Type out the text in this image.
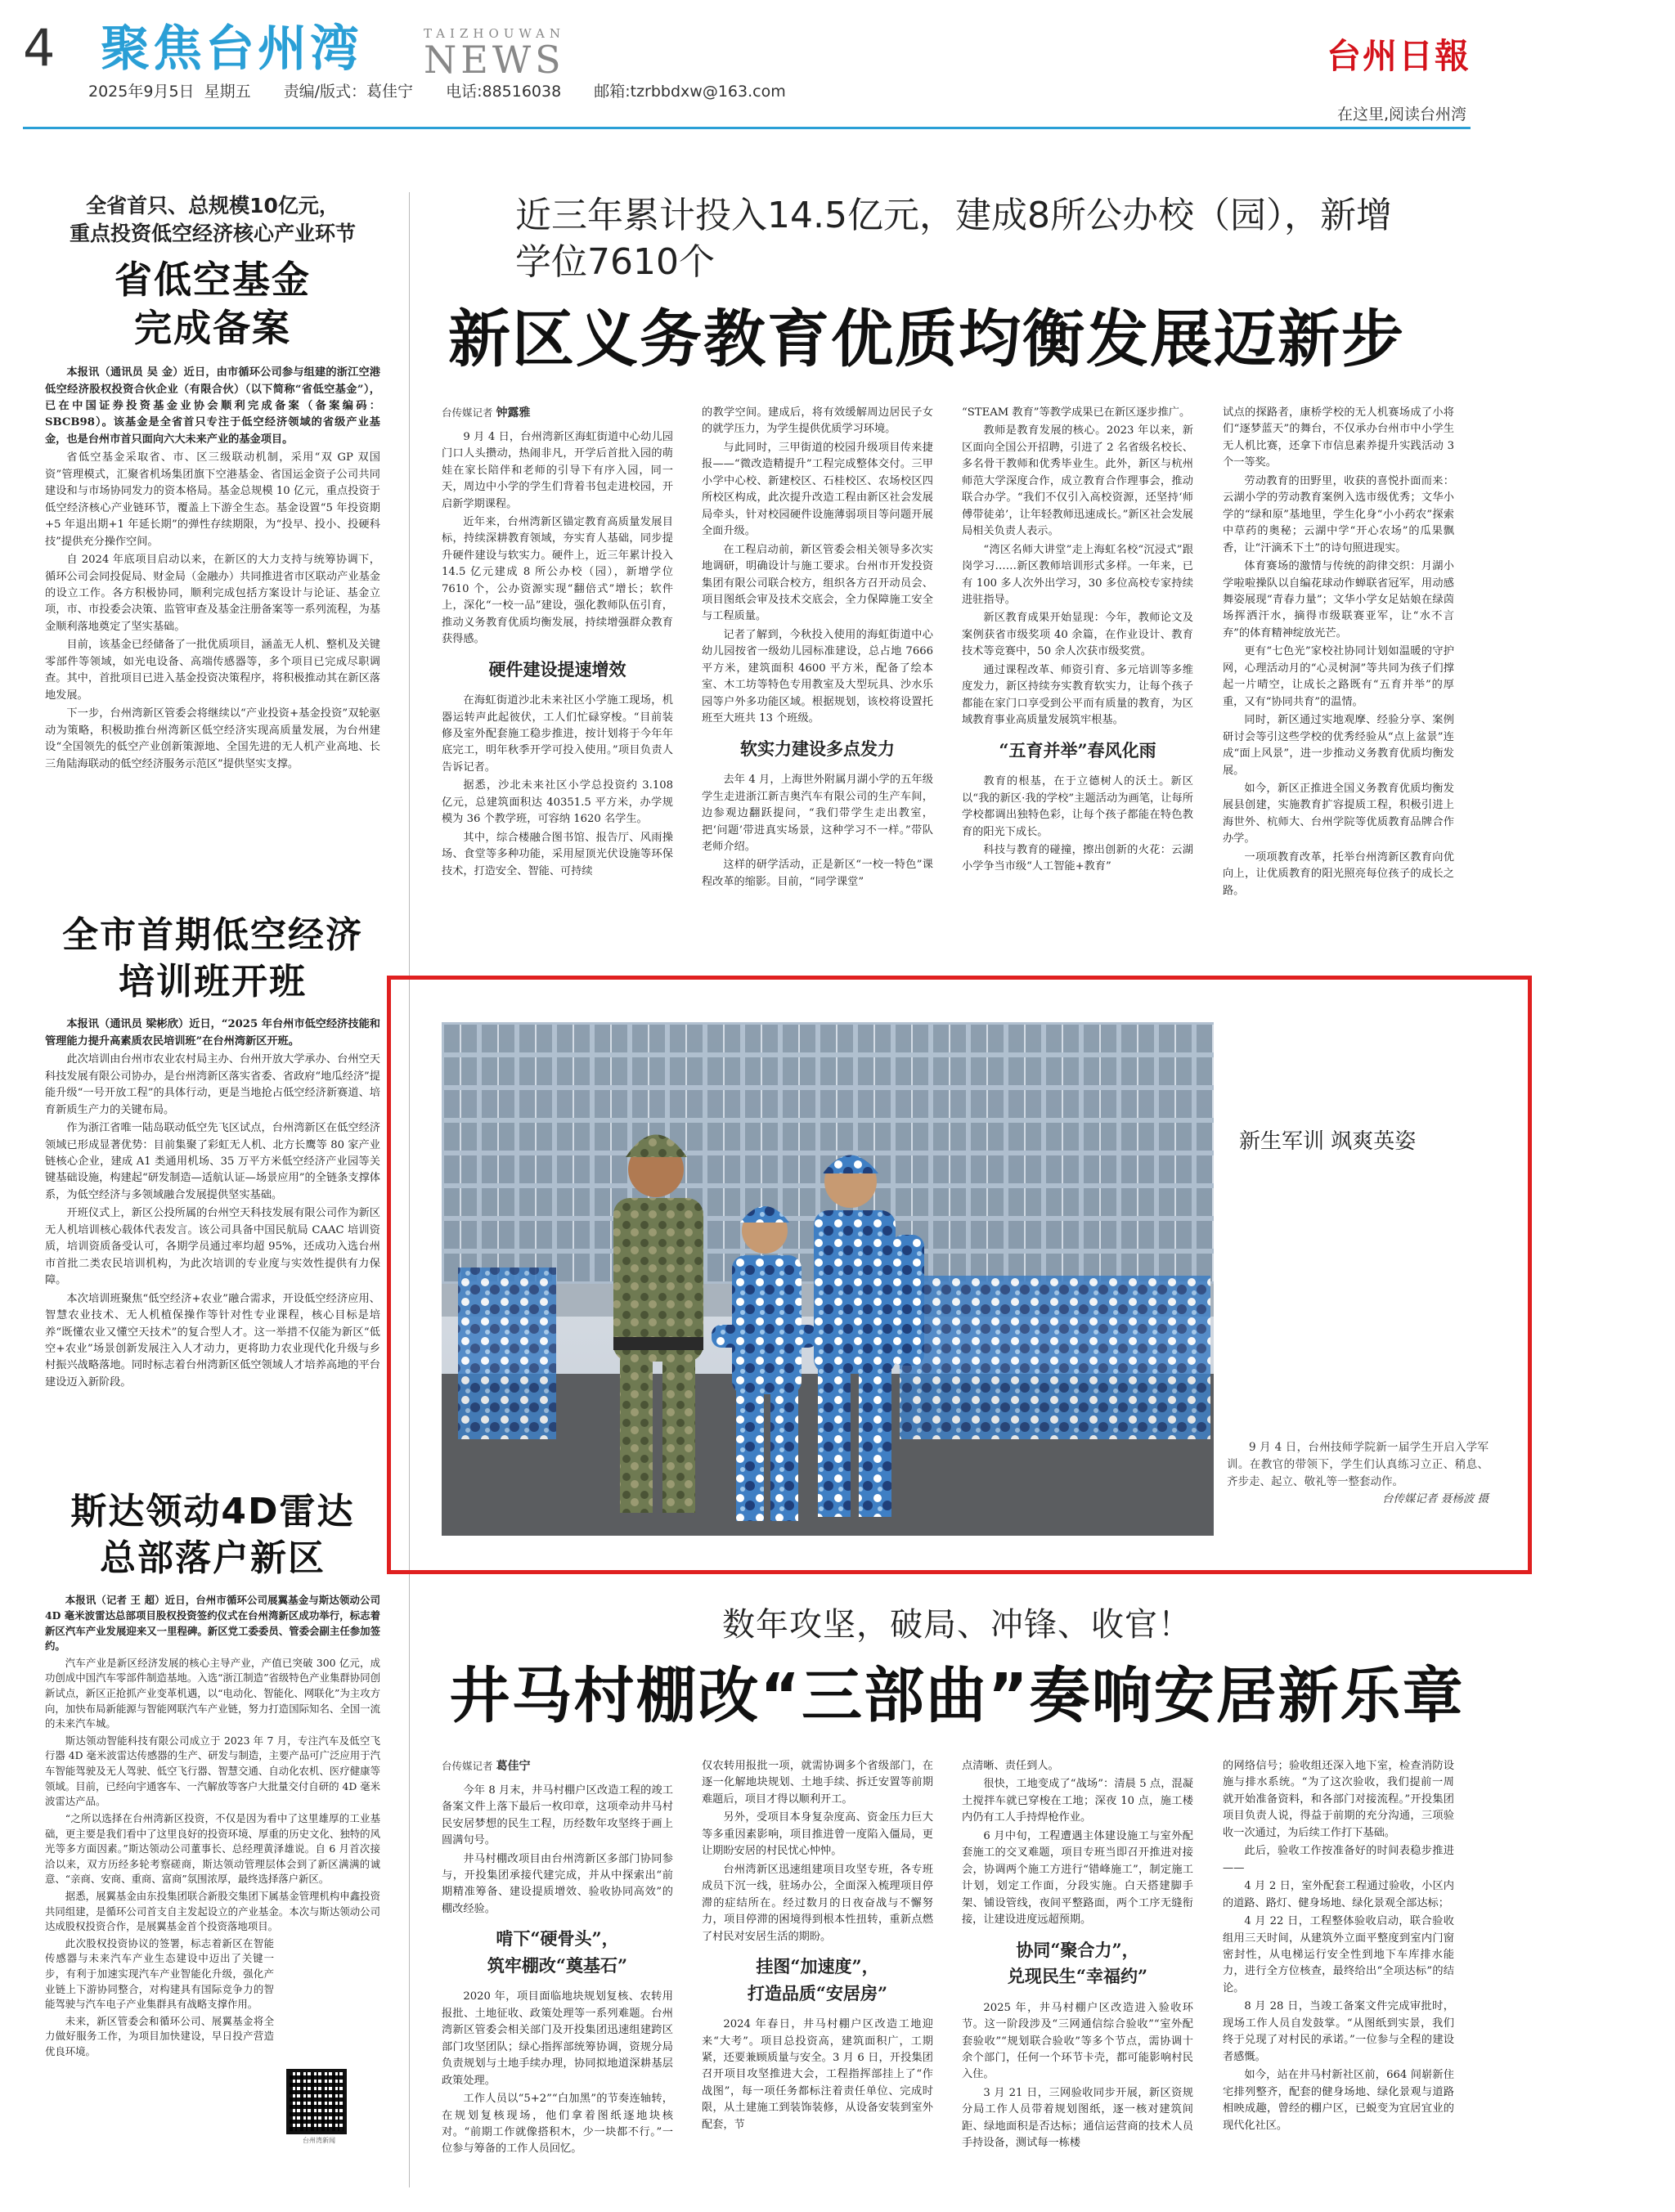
4 聚焦台州湾	TAIZHOUWAN
NEWS	台州日報
2025年9月5日 星期五 责编/版式：葛佳宁 电话:88516038 邮箱:tzrbbdxw@163.com
在这里,阅读台州湾
全省首只、总规模10亿元，
重点投资低空经济核心产业环节
省低空基金
完成备案

本报讯（通讯员 吴 金）近日，由市循环公司参与组建的浙江空港低空经济股权投资合伙企业（有限合伙）（以下简称“省低空基金”），已在中国证券投资基金业协会顺利完成备案（备案编码：SBCB98）。该基金是全省首只专注于低空经济领域的省级产业基金，也是台州市首只面向六大未来产业的基金项目。

省低空基金采取省、市、区三级联动机制，采用“双 GP 双国资”管理模式，汇聚省机场集团旗下空港基金、省国运金资子公司共同建设和与市场协同发力的资本格局。基金总规模 10 亿元，重点投资于低空经济核心产业链环节，覆盖上下游全生态。基金设置“5 年投资期+5 年退出期+1 年延长期”的弹性存续期限，为“投早、投小、投硬科技”提供充分操作空间。

自 2024 年底项目启动以来，在新区的大力支持与统筹协调下，循环公司会同投促局、财金局（金融办）共同推进省市区联动产业基金的设立工作。各方积极协同，顺利完成包括方案设计与论证、基金立项，市、市投委会决策、监管审查及基金注册备案等一系列流程，为基金顺利落地奠定了坚实基础。

目前，该基金已经储备了一批优质项目，涵盖无人机、整机及关键零部件等领域，如光电设备、高端传感器等，多个项目已完成尽职调查。其中，首批项目已进入基金投资决策程序，将积极推动其在新区落地发展。

下一步，台州湾新区管委会将继续以“产业投资+基金投资”双轮驱动为策略，积极助推台州湾新区低空经济实现高质量发展，为台州建设“全国领先的低空产业创新策源地、全国先进的无人机产业高地、长三角陆海联动的低空经济服务示范区”提供坚实支撑。

全市首期低空经济
培训班开班

本报讯（通讯员 梁彬欣）近日，“2025 年台州市低空经济技能和管理能力提升高素质农民培训班”在台州湾新区开班。

此次培训由台州市农业农村局主办、台州开放大学承办、台州空天科技发展有限公司协办，是台州湾新区落实省委、省政府“地瓜经济”提能升级“一号开放工程”的具体行动，更是当地抢占低空经济新赛道、培育新质生产力的关键布局。

作为浙江省唯一陆岛联动低空先飞区试点，台州湾新区在低空经济领域已形成显著优势：目前集聚了彩虹无人机、北方长鹰等 80 家产业链核心企业，建成 A1 类通用机场、35 万平方米低空经济产业园等关键基础设施，构建起“研发制造—适航认证—场景应用”的全链条支撑体系，为低空经济与多领域融合发展提供坚实基础。

开班仪式上，新区公投所属的台州空天科技发展有限公司作为新区无人机培训核心载体代表发言。该公司具备中国民航局 CAAC 培训资质，培训资质备受认可，各期学员通过率均超 95%，还成功入选台州市首批二类农民培训机构，为此次培训的专业度与实效性提供有力保障。

本次培训班聚焦“低空经济+农业”融合需求，开设低空经济应用、智慧农业技术、无人机植保操作等针对性专业课程，核心目标是培养“既懂农业又懂空天技术”的复合型人才。这一举措不仅能为新区“低空+农业”场景创新发展注入人才动力，更将助力农业现代化升级与乡村振兴战略落地。同时标志着台州湾新区低空领域人才培养高地的平台建设迈入新阶段。

斯达领动4D雷达
总部落户新区

本报讯（记者 王 超）近日，台州市循环公司展翼基金与斯达领动公司 4D 毫米波雷达总部项目股权投资签约仪式在台州湾新区成功举行，标志着新区汽车产业发展迎来又一里程碑。新区党工委委员、管委会副主任参加签约。

汽车产业是新区经济发展的核心主导产业，产值已突破 300 亿元，成功创成中国汽车零部件制造基地。入选“浙江制造”省级特色产业集群协同创新试点，新区正抢抓产业变革机遇，以“电动化、智能化、网联化”为主攻方向，加快布局新能源与智能网联汽车产业链，努力打造国际知名、全国一流的未来汽车城。

斯达领动智能科技有限公司成立于 2023 年 7 月，专注汽车及低空飞行器 4D 毫米波雷达传感器的生产、研发与制造，主要产品可广泛应用于汽车智能驾驶及无人驾驶、低空飞行器、智慧交通、自动化农机、医疗健康等领域。目前，已经向宇通客车、一汽解放等客户大批量交付自研的 4D 毫米波雷达产品。

“之所以选择在台州湾新区投资，不仅是因为看中了这里雄厚的工业基础，更主要是我们看中了这里良好的投资环境、厚重的历史文化、独特的风光等多方面因素。”斯达领动公司董事长、总经理黄泽雄说。自 6 月首次接洽以来，双方历经多轮考察磋商，斯达领动管理层体会到了新区满满的诚意、“亲商、安商、重商、富商”氛围浓厚，最终选择落户新区。

据悉，展翼基金由东投集团联合新股交集团下属基金管理机构申鑫投资共同组建，是循环公司首支自主发起设立的产业基金。本次与斯达领动公司达成股权投资合作，是展翼基金首个投资落地项目。

此次股权投资协议的签署，标志着新区在智能传感器与未来汽车产业生态建设中迈出了关键一步，有利于加速实现汽车产业智能化升级，强化产业链上下游协同整合，对构建具有国际竞争力的智能驾驶与汽车电子产业集群具有战略支撑作用。

未来，新区管委会和循环公司、展翼基金将全力做好服务工作，为项目加快建设，早日投产营造优良环境。

台州湾新闻
近三年累计投入14.5亿元，建成8所公办校（园），新增
学位7610个
新区义务教育优质均衡发展迈新步
台传媒记者 钟露雅

9 月 4 日，台州湾新区海虹街道中心幼儿园门口人头攒动，热闹非凡，开学后首批入园的萌娃在家长陪伴和老师的引导下有序入园，同一天，周边中小学的学生们背着书包走进校园，开启新学期课程。

近年来，台州湾新区锚定教育高质量发展目标，持续深耕教育领域，夯实育人基础，同步提升硬件建设与软实力。硬件上，近三年累计投入 14.5 亿元建成 8 所公办校（园），新增学位 7610 个，公办资源实现“翻倍式”增长；软件上，深化“一校一品”建设，强化教师队伍引育，推动义务教育优质均衡发展，持续增强群众教育获得感。

硬件建设提速增效

在海虹街道沙北未来社区小学施工现场，机器运转声此起彼伏，工人们忙碌穿梭。“目前装修及室外配套施工稳步推进，按计划将于今年年底完工，明年秋季开学可投入使用。”项目负责人告诉记者。

据悉，沙北未来社区小学总投资约 3.108 亿元，总建筑面积达 40351.5 平方米，办学规模为 36 个教学班，可容纳 1620 名学生。

其中，综合楼融合图书馆、报告厅、风雨操场、食堂等多种功能，采用屋顶光伏设施等环保技术，打造安全、智能、可持续

的教学空间。建成后，将有效缓解周边居民子女的就学压力，为学生提供优质学习环境。

与此同时，三甲街道的校园升级项目传来捷报——“微改造精提升”工程完成整体交付。三甲小学中心校、新建校区、石桂校区、农场校区四所校区构成，此次提升改造工程由新区社会发展局牵头，针对校园硬件设施薄弱项目等问题开展全面升级。

在工程启动前，新区管委会相关领导多次实地调研，明确设计与施工要求。台州市开发投资集团有限公司联合校方，组织各方召开动员会、项目图纸会审及技术交底会，全力保障施工安全与工程质量。

记者了解到，今秋投入使用的海虹街道中心幼儿园按省一级幼儿园标准建设，总占地 7666 平方米，建筑面积 4600 平方米，配备了绘本室、木工坊等特色专用教室及大型玩具、沙水乐园等户外多功能区域。根据规划，该校将设置托班至大班共 13 个班级。

软实力建设多点发力

去年 4 月，上海世外附属月湖小学的五年级学生走进浙江新吉奥汽车有限公司的生产车间，边参观边翻跃提问，“我们带学生走出教室，把‘问题’带进真实场景，这种学习不一样。”带队老师介绍。

这样的研学活动，正是新区“一校一特色”课程改革的缩影。目前，“同学课堂”

“STEAM 教育”等教学成果已在新区逐步推广。

教师是教育发展的核心。2023 年以来，新区面向全国公开招聘，引进了 2 名省级名校长、多名骨干教师和优秀毕业生。此外，新区与杭州师范大学深度合作，成立教育合作理事会，推动联合办学。“我们不仅引入高校资源，还坚持‘师傅带徒弟’，让年轻教师迅速成长。”新区社会发展局相关负责人表示。

“湾区名师大讲堂”走上海虹名校“沉浸式”跟岗学习……新区教师培训形式多样。一年来，已有 100 多人次外出学习，30 多位高校专家持续进驻指导。

新区教育成果开始显现：今年，教师论文及案例获省市级奖项 40 余篇，在作业设计、教育技术等竞赛中，50 余人次获市级奖赏。

通过课程改革、师资引育、多元培训等多维度发力，新区持续夯实教育软实力，让每个孩子都能在家门口享受到公平而有质量的教育，为区域教育事业高质量发展筑牢根基。

“五育并举”春风化雨

教育的根基，在于立德树人的沃土。新区以“我的新区·我的学校”主题活动为画笔，让每所学校都调出独特色彩，让每个孩子都能在特色教育的阳光下成长。

科技与教育的碰撞，擦出创新的火花：云湖小学争当市级“人工智能+教育”

试点的探路者，康桥学校的无人机赛场成了小将们“逐梦蓝天”的舞台，不仅承办台州市中小学生无人机比赛，还拿下市信息素养提升实践活动 3 个一等奖。

劳动教育的田野里，收获的喜悦扑面而来：云湖小学的劳动教育案例入选市级优秀；文华小学的“绿和原”基地里，学生化身“小小药农”探索中草药的奥秘；云湖中学“开心农场”的瓜果飘香，让“汗滴禾下土”的诗句照进现实。

体育赛场的激情与传统的韵律交织：月湖小学啦啦操队以自编花球动作蝉联省冠军，用动感舞姿展现“青春力量”；文华小学女足姑娘在绿茵场挥洒汗水，摘得市级联赛亚军，让“水不言弃”的体育精神绽放光芒。

更有“七色光”家校社协同计划如温暖的守护网，心理活动月的“心灵树洞”等共同为孩子们撑起一片晴空，让成长之路既有“五育并举”的厚重，又有“协同共育”的温情。

同时，新区通过实地观摩、经验分享、案例研讨会等引这些学校的优秀经验从“点上盆景”连成“面上风景”，进一步推动义务教育优质均衡发展。

如今，新区正推进全国义务教育优质均衡发展县创建，实施教育扩容提质工程，积极引进上海世外、杭师大、台州学院等优质教育品牌合作办学。

一项项教育改革，托举台州湾新区教育向优向上，让优质教育的阳光照亮每位孩子的成长之路。

新生军训 飒爽英姿
9 月 4 日，台州技师学院新一届学生开启入学军训。在教官的带领下，学生们认真练习立正、稍息、齐步走、起立、敬礼等一整套动作。
台传媒记者 聂杨波 摄
数年攻坚，破局、冲锋、收官！
井马村棚改“三部曲”奏响安居新乐章
台传媒记者 葛佳宁

今年 8 月末，井马村棚户区改造工程的竣工备案文件上落下最后一枚印章，这项牵动井马村民安居梦想的民生工程，历经数年攻坚终于画上圆满句号。

井马村棚改项目由台州湾新区多部门协同参与，开投集团承接代建完成，并从中探索出“前期精准筹备、建设提质增效、验收协同高效”的棚改经验。

啃下“硬骨头”，
筑牢棚改“奠基石”

2020 年，项目面临地块规划复核、农转用报批、土地征收、政策处理等一系列难题。台州湾新区管委会相关部门及开投集团迅速组建跨区部门攻坚团队；绿心指挥部统筹协调，资规分局负责规划与土地手续办理，协同拟地道深耕基层政策处理。

工作人员以“5+2”“白加黑”的节奏连轴转，在规划复核现场，他们拿着图纸逐地块核对。“前期工作就像搭积木，少一块都不行。”一位参与筹备的工作人员回忆。

仅农转用报批一项，就需协调多个省级部门，在逐一化解地块规划、土地手续、拆迁安置等前期难题后，项目才得以顺利开工。

另外，受项目本身复杂度高、资金压力巨大等多重因素影响，项目推进曾一度陷入僵局，更让期盼安居的村民忧心忡忡。

台州湾新区迅速组建项目攻坚专班，各专班成员下沉一线，驻场办公，全面深入梳理项目停滞的症结所在。经过数月的日夜奋战与不懈努力，项目停滞的困境得到根本性扭转，重新点燃了村民对安居生活的期盼。

挂图“加速度”，
打造品质“安居房”

2024 年春日，井马村棚户区改造工地迎来“大考”。项目总投资高，建筑面积广，工期紧，还要兼顾质量与安全。3 月 6 日，开投集团召开项目攻坚推进大会，工程指挥部挂上了“作战图”，每一项任务都标注着责任单位、完成时限，从土建施工到装饰装修，从设备安装到室外配套，节

点清晰、责任到人。

很快，工地变成了“战场”：清晨 5 点，混凝土搅拌车就已穿梭在工地；深夜 10 点，施工楼内仍有工人手持焊枪作业。

6 月中旬，工程遭遇主体建设施工与室外配套施工的交叉难题，项目专班当即召开推进对接会，协调两个施工方进行“错峰施工”，制定施工计划，划定工作面，分段实施。白天搭建脚手架、铺设管线，夜间平整路面，两个工序无缝衔接，让建设进度远超预期。

协同“聚合力”，
兑现民生“幸福约”

2025 年，井马村棚户区改造进入验收环节。这一阶段涉及“三网通信综合验收”“室外配套验收”“规划联合验收”等多个节点，需协调十余个部门，任何一个环节卡壳，都可能影响村民入住。

3 月 21 日，三网验收同步开展，新区资规分局工作人员带着规划图纸，逐一核对建筑间距、绿地面积是否达标；通信运营商的技术人员手持设备，测试每一栋楼

的网络信号；验收组还深入地下室，检查消防设施与排水系统。“为了这次验收，我们提前一周就开始准备资料，和各部门对接流程。”开投集团项目负责人说，得益于前期的充分沟通，三项验收一次通过，为后续工作打下基础。

此后，验收工作按准备好的时间表稳步推进——

4 月 2 日，室外配套工程通过验收，小区内的道路、路灯、健身场地、绿化景观全部达标；

4 月 22 日，工程整体验收启动，联合验收组用三天时间，从建筑外立面平整度到室内门窗密封性，从电梯运行安全性到地下车库排水能力，进行全方位核查，最终给出“全项达标”的结论。

8 月 28 日，当竣工备案文件完成审批时，现场工作人员自发鼓掌。“从图纸到实景，我们终于兑现了对村民的承诺。”一位参与全程的建设者感慨。

如今，站在井马村新社区前，664 间崭新住宅排列整齐，配套的健身场地、绿化景观与道路相映成趣，曾经的棚户区，已蜕变为宜居宜业的现代化社区。
